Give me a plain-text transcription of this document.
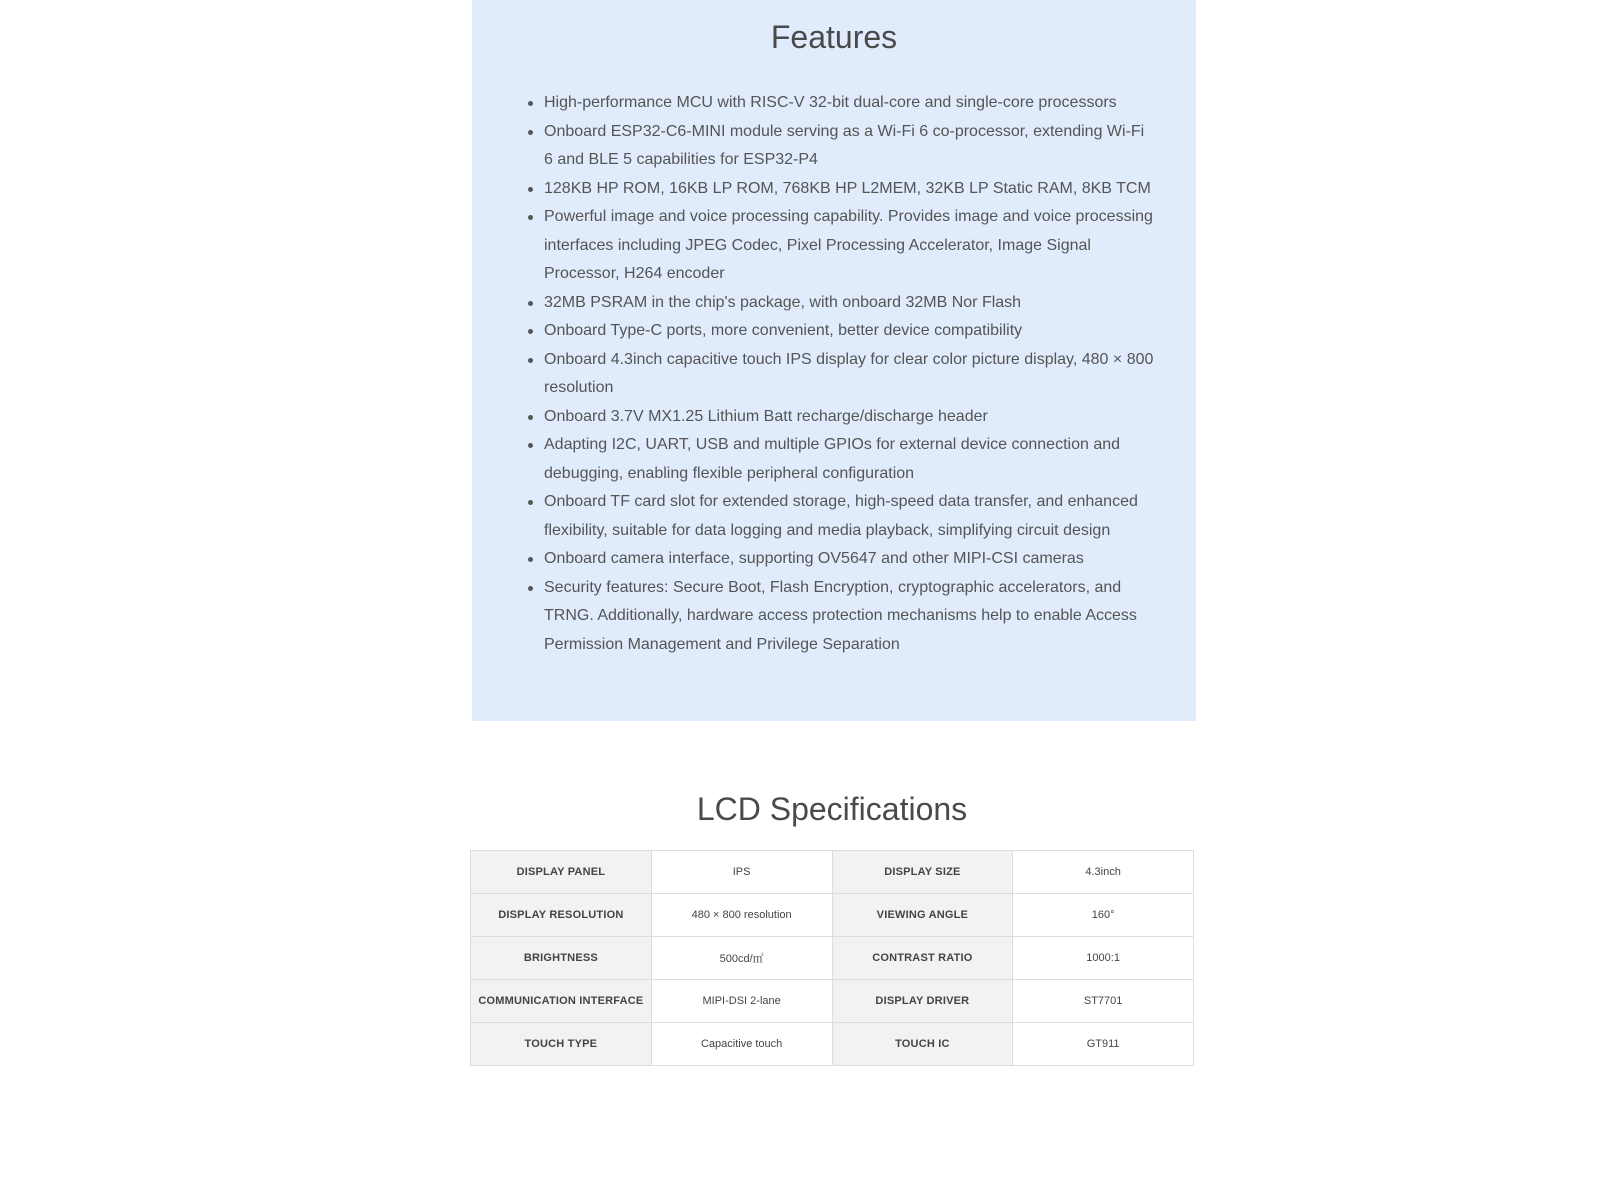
Features
High-performance MCU with RISC-V 32-bit dual-core and single-core processors
Onboard ESP32-C6-MINI module serving as a Wi-Fi 6 co-processor, extending Wi-Fi 6 and BLE 5 capabilities for ESP32-P4
128KB HP ROM, 16KB LP ROM, 768KB HP L2MEM, 32KB LP Static RAM, 8KB TCM
Powerful image and voice processing capability. Provides image and voice processing interfaces including JPEG Codec, Pixel Processing Accelerator, Image Signal Processor, H264 encoder
32MB PSRAM in the chip's package, with onboard 32MB Nor Flash
Onboard Type-C ports, more convenient, better device compatibility
Onboard 4.3inch capacitive touch IPS display for clear color picture display, 480 × 800 resolution
Onboard 3.7V MX1.25 Lithium Batt recharge/discharge header
Adapting I2C, UART, USB and multiple GPIOs for external device connection and debugging, enabling flexible peripheral configuration
Onboard TF card slot for extended storage, high-speed data transfer, and enhanced flexibility, suitable for data logging and media playback, simplifying circuit design
Onboard camera interface, supporting OV5647 and other MIPI-CSI cameras
Security features: Secure Boot, Flash Encryption, cryptographic accelerators, and TRNG. Additionally, hardware access protection mechanisms help to enable Access Permission Management and Privilege Separation
LCD Specifications
DISPLAY PANEL	IPS	DISPLAY SIZE	4.3inch
DISPLAY RESOLUTION	480 × 800 resolution	VIEWING ANGLE	160°
BRIGHTNESS	500cd/㎡	CONTRAST RATIO	1000:1
COMMUNICATION INTERFACE	MIPI-DSI 2-lane	DISPLAY DRIVER	ST7701
TOUCH TYPE	Capacitive touch	TOUCH IC	GT911
